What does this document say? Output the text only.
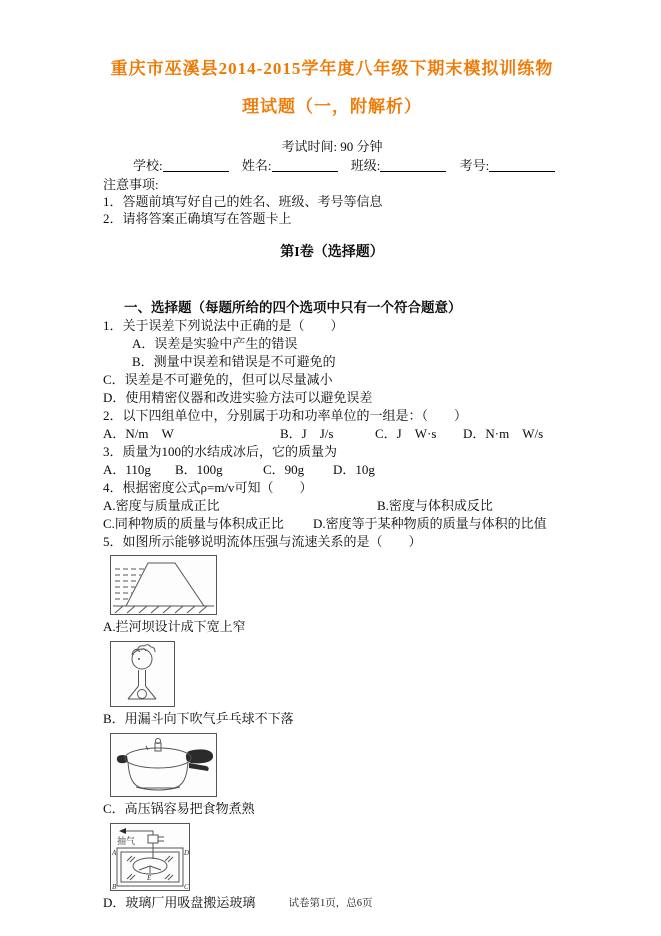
重庆市巫溪县2014-2015学年度八年级下期末模拟训练物
理试题（一，附解析）
考试时间: 90 分钟
学校:	姓名:	班级:	考号:
注意事项:
1．答题前填写好自己的姓名、班级、考号等信息
2．请将答案正确填写在答题卡上
第I卷（选择题）
一、选择题（每题所给的四个选项中只有一个符合题意）
1．关于误差下列说法中正确的是（　　）
A．误差是实验中产生的错误
B．测量中误差和错误是不可避免的
C．误差是不可避免的，但可以尽量减小
D．使用精密仪器和改进实验方法可以避免误差
2．以下四组单位中，分别属于功和功率单位的一组是：（　　）
A．N/m　W	B．J　J/s	C．J　W·s	D．N·m　W/s
3．质量为100的水结成冰后，它的质量为
A．110g	B．100g	C．90g	D．10g
4．根据密度公式ρ=m/v可知（　　）
A.密度与质量成正比	B.密度与体积成反比
C.同种物质的质量与体积成正比	D.密度等于某种物质的质量与体积的比值
5．如图所示能够说明流体压强与流速关系的是（　　）
A.拦河坝设计成下宽上窄
B．用漏斗向下吹气乒乓球不下落
C．高压锅容易把食物煮熟
抽气
A	D
B	C
E
D．玻璃厂用吸盘搬运玻璃	试卷第1页，总6页
